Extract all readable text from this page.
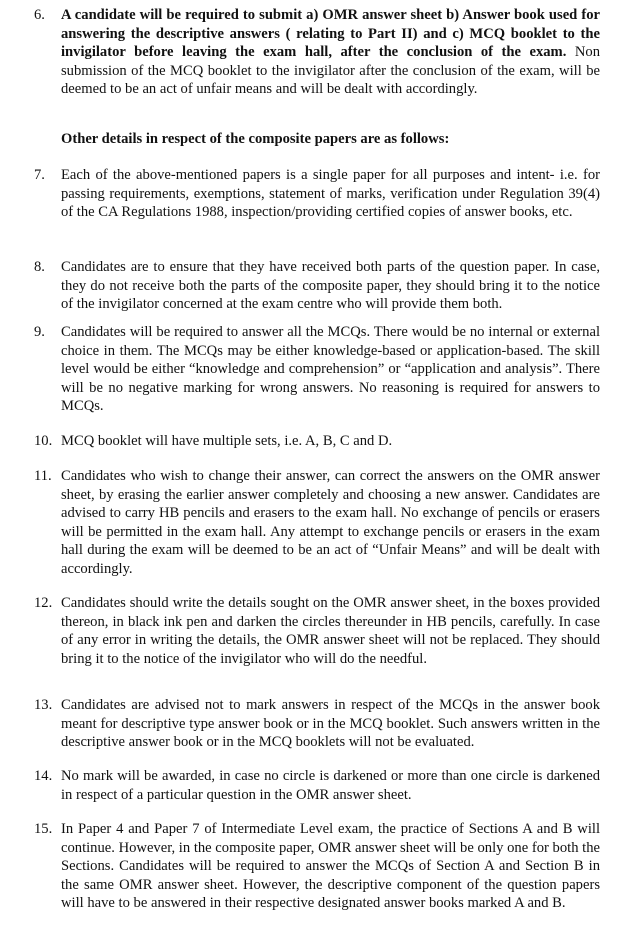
6.	A candidate will be required to submit a) OMR answer sheet b) Answer book used for answering the descriptive answers ( relating to Part II) and c) MCQ booklet to the invigilator before leaving the exam hall, after the conclusion of the exam. Non submission of the MCQ booklet to the invigilator after the conclusion of the exam, will be deemed to be an act of unfair means and will be dealt with accordingly.
Other details in respect of the composite papers are as follows:
7.	Each of the above-mentioned papers is a single paper for all purposes and intent- i.e. for passing requirements, exemptions, statement of marks, verification under Regulation 39(4) of the CA Regulations 1988, inspection/providing certified copies of answer books, etc.
8.	Candidates are to ensure that they have received both parts of the question paper. In case, they do not receive both the parts of the composite paper, they should bring it to the notice of the invigilator concerned at the exam centre who will provide them both.
9.	Candidates will be required to answer all the MCQs. There would be no internal or external choice in them. The MCQs may be either knowledge-based or application-based. The skill level would be either “knowledge and comprehension” or “application and analysis”. There will be no negative marking for wrong answers. No reasoning is required for answers to MCQs.
10. MCQ booklet will have multiple sets, i.e. A, B, C and D.
11. Candidates who wish to change their answer, can correct the answers on the OMR answer sheet, by erasing the earlier answer completely and choosing a new answer. Candidates are advised to carry HB pencils and erasers to the exam hall. No exchange of pencils or erasers will be permitted in the exam hall. Any attempt to exchange pencils or erasers in the exam hall during the exam will be deemed to be an act of “Unfair Means” and will be dealt with accordingly.
12. Candidates should write the details sought on the OMR answer sheet, in the boxes provided thereon, in black ink pen and darken the circles thereunder in HB pencils, carefully. In case of any error in writing the details, the OMR answer sheet will not be replaced. They should bring it to the notice of the invigilator who will do the needful.
13. Candidates are advised not to mark answers in respect of the MCQs in the answer book meant for descriptive type answer book or in the MCQ booklet. Such answers written in the descriptive answer book or in the MCQ booklets will not be evaluated.
14. No mark will be awarded, in case no circle is darkened or more than one circle is darkened in respect of a particular question in the OMR answer sheet.
15. In Paper 4 and Paper 7 of Intermediate Level exam, the practice of Sections A and B will continue. However, in the composite paper, OMR answer sheet will be only one for both the Sections. Candidates will be required to answer the MCQs of Section A and Section B in the same OMR answer sheet. However, the descriptive component of the question papers will have to be answered in their respective designated answer books marked A and B.
